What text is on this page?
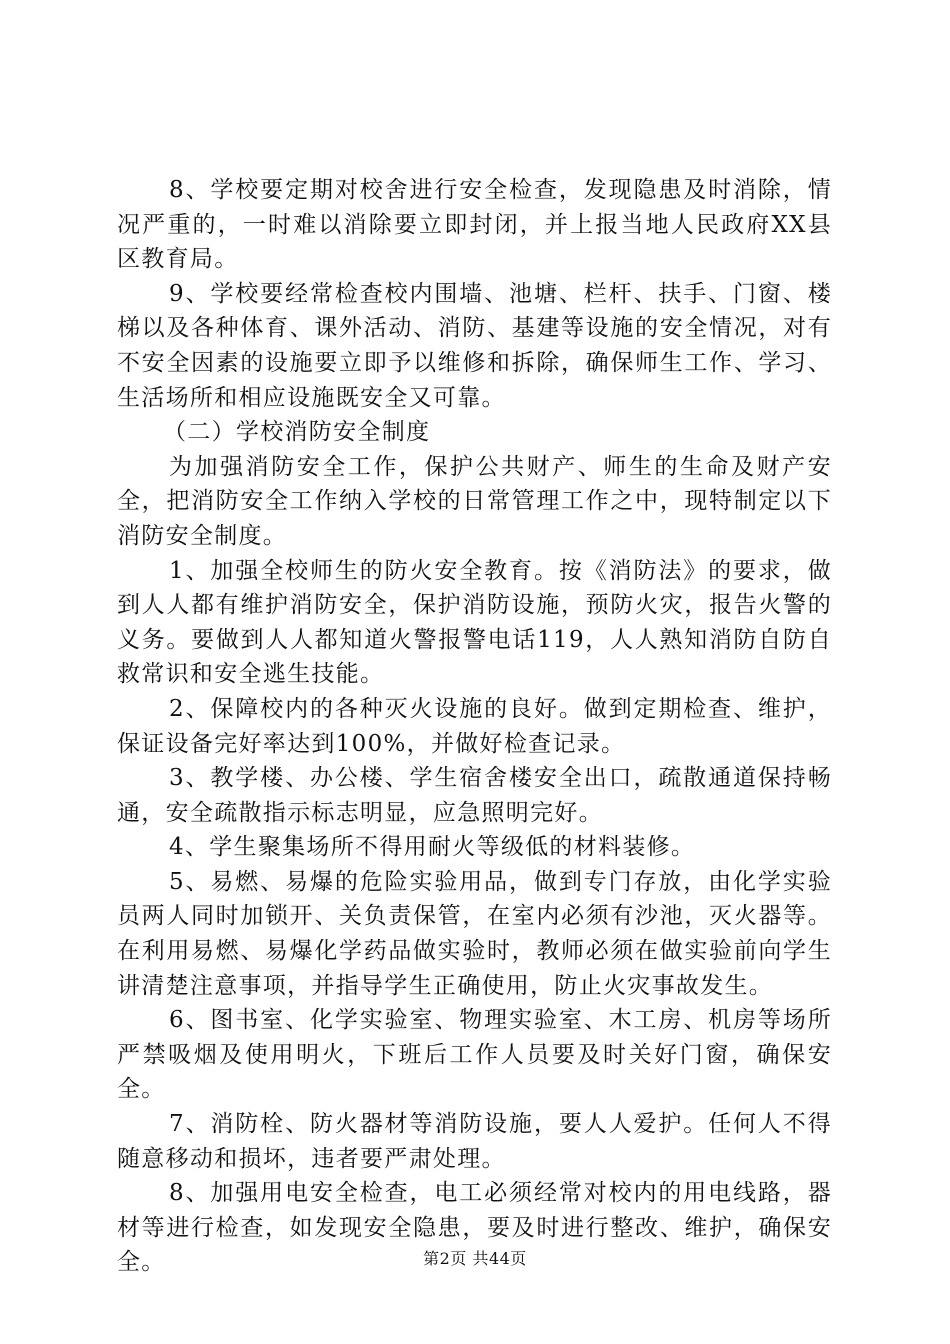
8、学校要定期对校舍进行安全检查，发现隐患及时消除，情况严重的，一时难以消除要立即封闭，并上报当地人民政府XX县区教育局。

9、学校要经常检查校内围墙、池塘、栏杆、扶手、门窗、楼梯以及各种体育、课外活动、消防、基建等设施的安全情况，对有不安全因素的设施要立即予以维修和拆除，确保师生工作、学习、生活场所和相应设施既安全又可靠。

（二）学校消防安全制度

为加强消防安全工作，保护公共财产、师生的生命及财产安全，把消防安全工作纳入学校的日常管理工作之中，现特制定以下消防安全制度。

1、加强全校师生的防火安全教育。按《消防法》的要求，做到人人都有维护消防安全，保护消防设施，预防火灾，报告火警的义务。要做到人人都知道火警报警电话119，人人熟知消防自防自救常识和安全逃生技能。

2、保障校内的各种灭火设施的良好。做到定期检查、维护，保证设备完好率达到100%，并做好检查记录。

3、教学楼、办公楼、学生宿舍楼安全出口，疏散通道保持畅通，安全疏散指示标志明显，应急照明完好。

4、学生聚集场所不得用耐火等级低的材料装修。

5、易燃、易爆的危险实验用品，做到专门存放，由化学实验员两人同时加锁开、关负责保管，在室内必须有沙池，灭火器等。在利用易燃、易爆化学药品做实验时，教师必须在做实验前向学生讲清楚注意事项，并指导学生正确使用，防止火灾事故发生。

6、图书室、化学实验室、物理实验室、木工房、机房等场所严禁吸烟及使用明火，下班后工作人员要及时关好门窗，确保安全。

7、消防栓、防火器材等消防设施，要人人爱护。任何人不得随意移动和损坏，违者要严肃处理。

8、加强用电安全检查，电工必须经常对校内的用电线路，器材等进行检查，如发现安全隐患，要及时进行整改、维护，确保安全。	第2页 共44页
